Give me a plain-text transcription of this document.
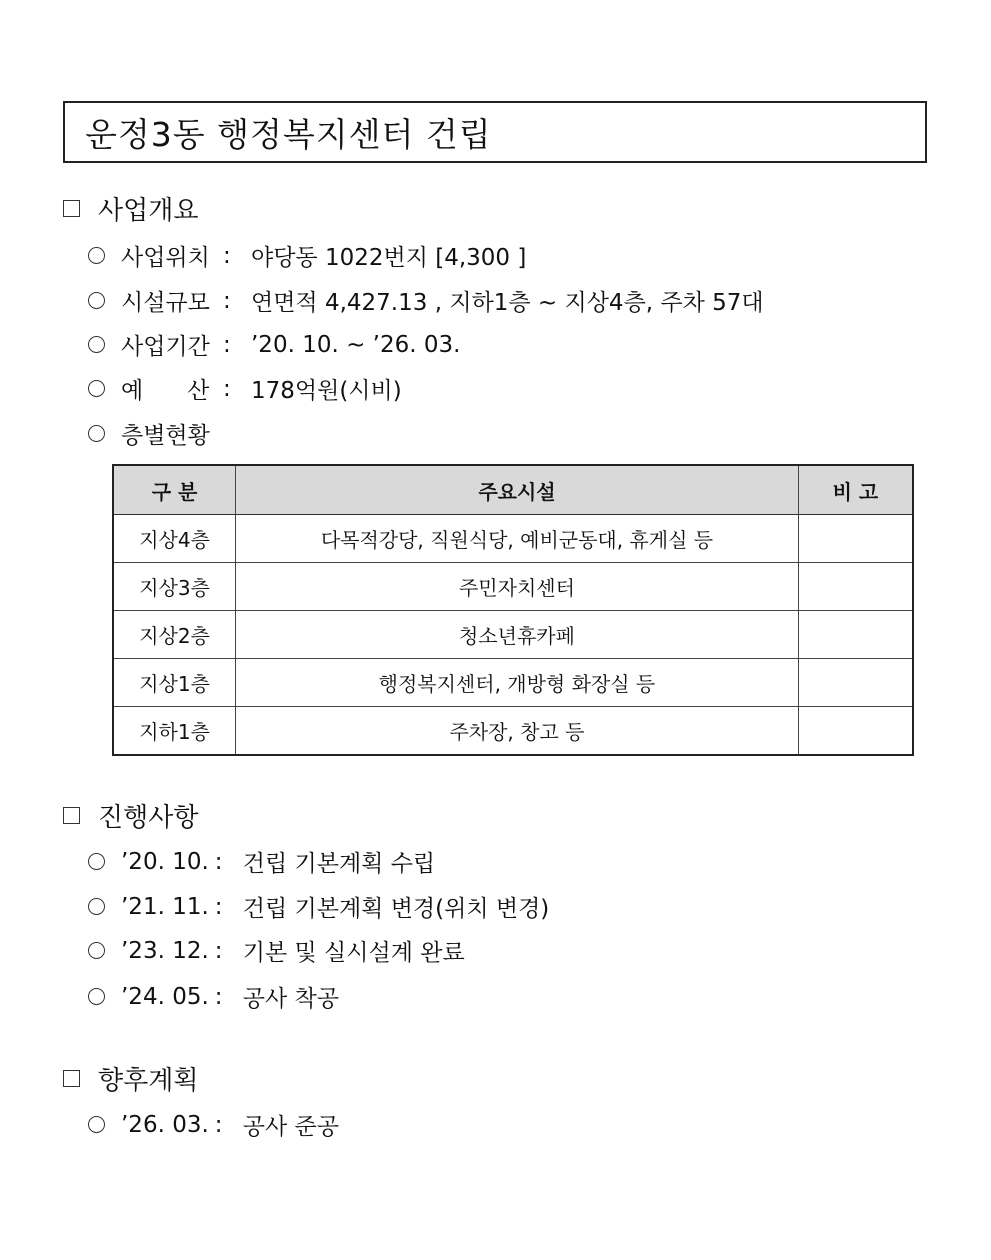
운정3동 행정복지센터 건립
사업개요
사업위치 : 야당동 1022번지 [4,300 ]
시설규모 : 연면적 4,427.13 , 지하1층 ~ 지상4층, 주차 57대
사업기간 : ’20. 10. ~ ’26. 03.
예      산 : 178억원(시비)
층별현황
구 분	주요시설	비 고
지상4층	다목적강당, 직원식당, 예비군동대, 휴게실 등	
지상3층	주민자치센터	
지상2층	청소년휴카페	
지상1층	행정복지센터, 개방형 화장실 등	
지하1층	주차장, 창고 등	
진행사항
’20. 10. : 건립 기본계획 수립
’21. 11. : 건립 기본계획 변경(위치 변경)
’23. 12. : 기본 및 실시설계 완료
’24. 05. : 공사 착공
향후계획
’26. 03. : 공사 준공
